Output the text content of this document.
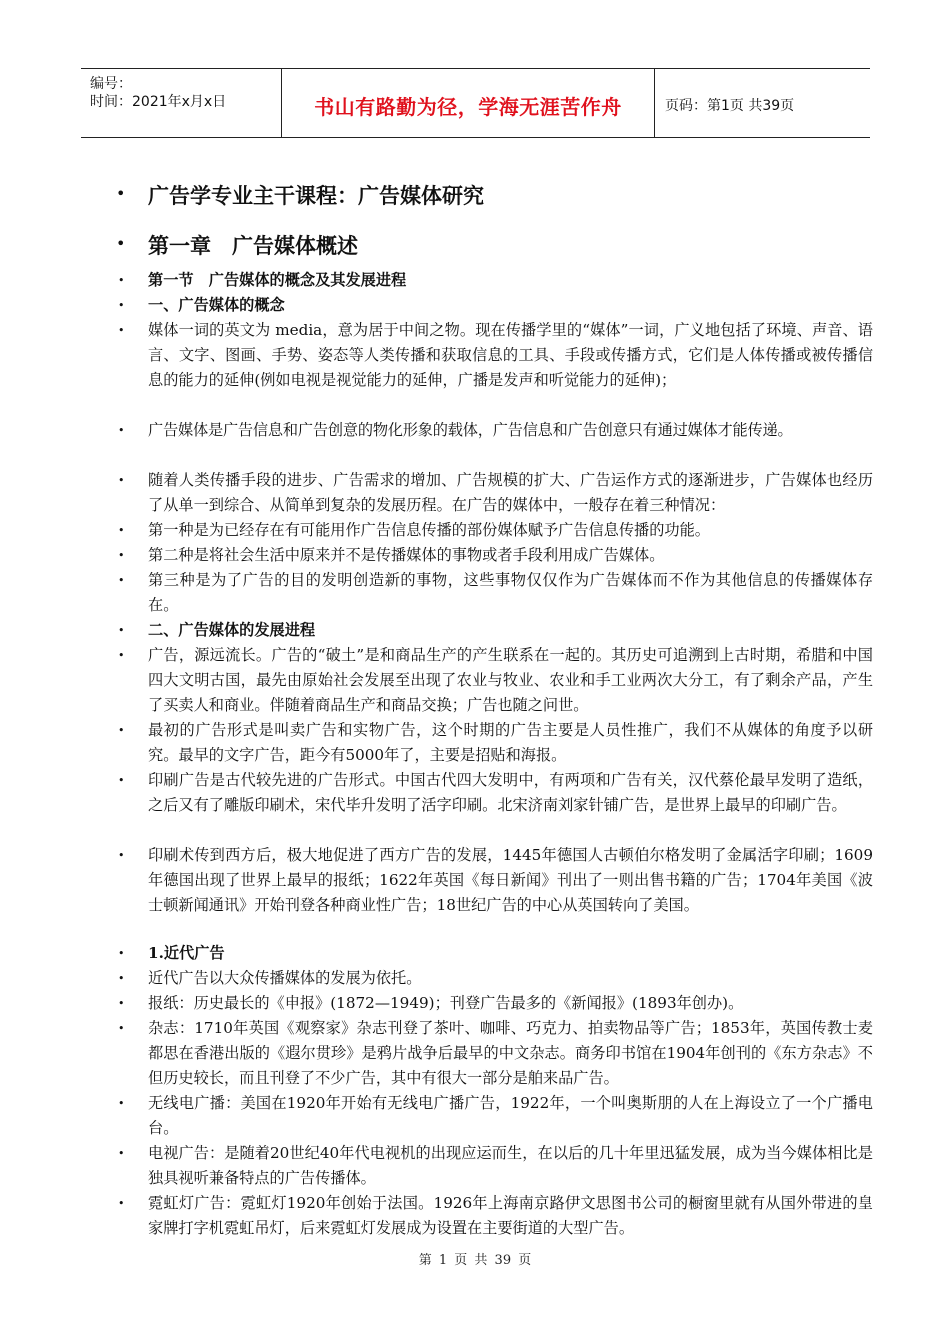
编号：
时间：2021年x月x日	书山有路勤为径，学海无涯苦作舟	页码：第1页 共39页
• 广告学专业主干课程：广告媒体研究
• 第一章　广告媒体概述
• 第一节　广告媒体的概念及其发展进程
• 一、广告媒体的概念
• 媒体一词的英文为 media，意为居于中间之物。现在传播学里的“媒体”一词，广义地包括了环境、声音、语言、文字、图画、手势、姿态等人类传播和获取信息的工具、手段或传播方式，它们是人体传播或被传播信息的能力的延伸(例如电视是视觉能力的延伸，广播是发声和听觉能力的延伸)；
• 广告媒体是广告信息和广告创意的物化形象的载体，广告信息和广告创意只有通过媒体才能传递。
• 随着人类传播手段的进步、广告需求的增加、广告规模的扩大、广告运作方式的逐渐进步，广告媒体也经历了从单一到综合、从简单到复杂的发展历程。在广告的媒体中，一般存在着三种情况：
• 第一种是为已经存在有可能用作广告信息传播的部份媒体赋予广告信息传播的功能。
• 第二种是将社会生活中原来并不是传播媒体的事物或者手段利用成广告媒体。
• 第三种是为了广告的目的发明创造新的事物，这些事物仅仅作为广告媒体而不作为其他信息的传播媒体存在。
• 二、广告媒体的发展进程
• 广告，源远流长。广告的“破土”是和商品生产的产生联系在一起的。其历史可追溯到上古时期，希腊和中国四大文明古国，最先由原始社会发展至出现了农业与牧业、农业和手工业两次大分工，有了剩余产品，产生了买卖人和商业。伴随着商品生产和商品交换；广告也随之问世。
• 最初的广告形式是叫卖广告和实物广告，这个时期的广告主要是人员性推广，我们不从媒体的角度予以研究。最早的文字广告，距今有5000年了，主要是招贴和海报。
• 印刷广告是古代较先进的广告形式。中国古代四大发明中，有两项和广告有关，汉代蔡伦最早发明了造纸，之后又有了雕版印刷术，宋代毕升发明了活字印刷。北宋济南刘家针铺广告，是世界上最早的印刷广告。
• 印刷术传到西方后，极大地促进了西方广告的发展，1445年德国人古顿伯尔格发明了金属活字印刷；1609年德国出现了世界上最早的报纸；1622年英国《每日新闻》刊出了一则出售书籍的广告；1704年美国《波士顿新闻通讯》开始刊登各种商业性广告；18世纪广告的中心从英国转向了美国。
• 1.近代广告
• 近代广告以大众传播媒体的发展为依托。
• 报纸：历史最长的《申报》(1872—1949)；刊登广告最多的《新闻报》(1893年创办)。
• 杂志：1710年英国《观察家》杂志刊登了茶叶、咖啡、巧克力、拍卖物品等广告；1853年，英国传教士麦都思在香港出版的《遐尔贯珍》是鸦片战争后最早的中文杂志。商务印书馆在1904年创刊的《东方杂志》不但历史较长，而且刊登了不少广告，其中有很大一部分是舶来品广告。
• 无线电广播：美国在1920年开始有无线电广播广告，1922年，一个叫奥斯朋的人在上海设立了一个广播电台。
• 电视广告：是随着20世纪40年代电视机的出现应运而生，在以后的几十年里迅猛发展，成为当今媒体相比是独具视听兼备特点的广告传播体。
• 霓虹灯广告：霓虹灯1920年创始于法国。1926年上海南京路伊文思图书公司的橱窗里就有从国外带进的皇家牌打字机霓虹吊灯，后来霓虹灯发展成为设置在主要街道的大型广告。
第 1 页 共 39 页
